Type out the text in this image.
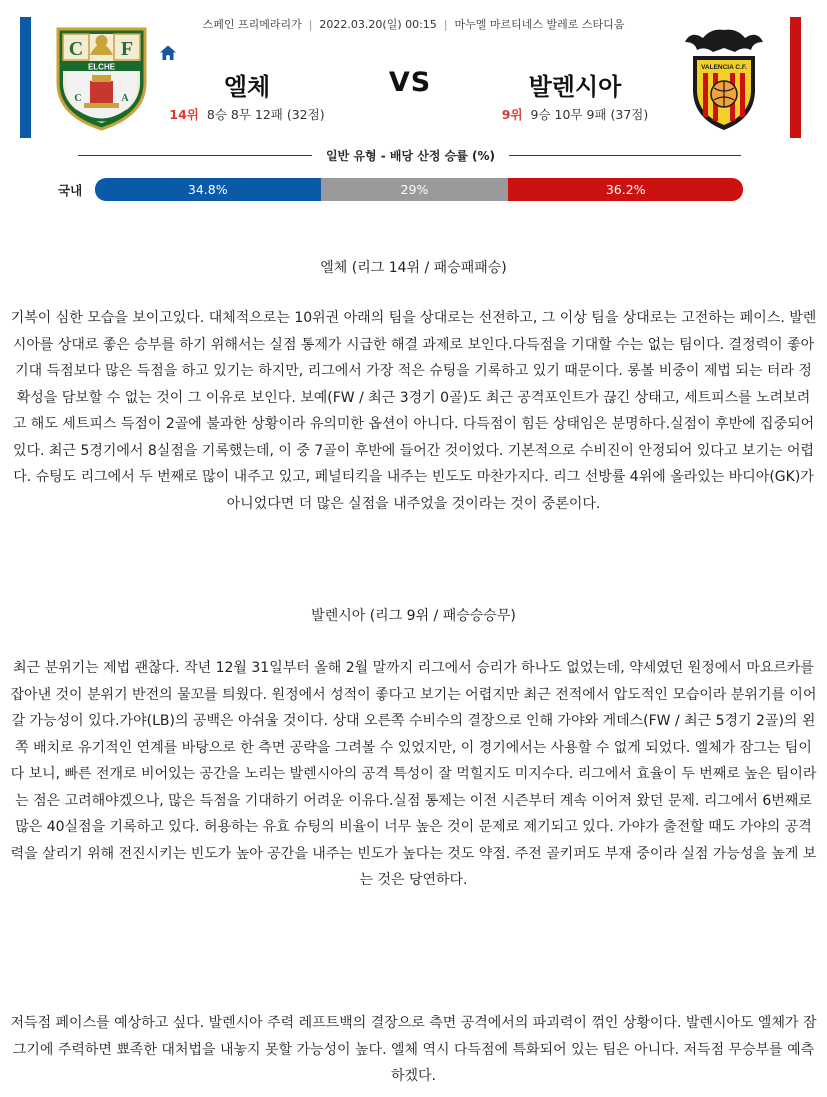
스페인 프리메라리가 | 2022.03.20(일) 00:15 | 마누엘 마르티네스 발레로 스타디움
C F
ELCHE
C	A	엘체	VS	발렌시아
14위 8승 8무 12패 (32점)	9위 9승 10무 9패 (37점)
VALENCIA C.F.
일반 유형 - 배당 산정 승률 (%)
국내	34.8%	29%	36.2%
엘체 (리그 14위 / 패승패패승)

기복이 심한 모습을 보이고있다. 대체적으로는 10위권 아래의 팀을 상대로는 선전하고, 그 이상 팀을 상대로는 고전하는 페이스. 발렌시아를 상대로 좋은 승부를 하기 위해서는 실점 통제가 시급한 해결 과제로 보인다.다득점을 기대할 수는 없는 팀이다. 결정력이 좋아 기대 득점보다 많은 득점을 하고 있기는 하지만, 리그에서 가장 적은 슈팅을 기록하고 있기 때문이다. 롱볼 비중이 제법 되는 터라 정확성을 담보할 수 없는 것이 그 이유로 보인다. 보예(FW / 최근 3경기 0골)도 최근 공격포인트가 끊긴 상태고, 세트피스를 노려보려고 해도 세트피스 득점이 2골에 불과한 상황이라 유의미한 옵션이 아니다. 다득점이 힘든 상태임은 분명하다.실점이 후반에 집중되어 있다. 최근 5경기에서 8실점을 기록했는데, 이 중 7골이 후반에 들어간 것이었다. 기본적으로 수비진이 안정되어 있다고 보기는 어렵다. 슈팅도 리그에서 두 번째로 많이 내주고 있고, 페널티킥을 내주는 빈도도 마찬가지다. 리그 선방률 4위에 올라있는 바디아(GK)가 아니었다면 더 많은 실점을 내주었을 것이라는 것이 중론이다.

발렌시아 (리그 9위 / 패승승승무)

최근 분위기는 제법 괜찮다. 작년 12월 31일부터 올해 2월 말까지 리그에서 승리가 하나도 없었는데, 약세였던 원정에서 마요르카를 잡아낸 것이 분위기 반전의 물꼬를 틔웠다. 원정에서 성적이 좋다고 보기는 어렵지만 최근 전적에서 압도적인 모습이라 분위기를 이어갈 가능성이 있다.가야(LB)의 공백은 아쉬울 것이다. 상대 오른쪽 수비수의 결장으로 인해 가야와 게데스(FW / 최근 5경기 2골)의 왼쪽 배치로 유기적인 연계를 바탕으로 한 측면 공략을 그려볼 수 있었지만, 이 경기에서는 사용할 수 없게 되었다. 엘체가 잠그는 팀이다 보니, 빠른 전개로 비어있는 공간을 노리는 발렌시아의 공격 특성이 잘 먹힐지도 미지수다. 리그에서 효율이 두 번째로 높은 팀이라는 점은 고려해야겠으나, 많은 득점을 기대하기 어려운 이유다.실점 통제는 이전 시즌부터 계속 이어져 왔던 문제. 리그에서 6번째로 많은 40실점을 기록하고 있다. 허용하는 유효 슈팅의 비율이 너무 높은 것이 문제로 제기되고 있다. 가야가 출전할 때도 가야의 공격력을 살리기 위해 전진시키는 빈도가 높아 공간을 내주는 빈도가 높다는 것도 약점. 주전 골키퍼도 부재 중이라 실점 가능성을 높게 보는 것은 당연하다.

저득점 페이스를 예상하고 싶다. 발렌시아 주력 레프트백의 결장으로 측면 공격에서의 파괴력이 꺾인 상황이다. 발렌시아도 엘체가 잠그기에 주력하면 뾰족한 대처법을 내놓지 못할 가능성이 높다. 엘체 역시 다득점에 특화되어 있는 팀은 아니다. 저득점 무승부를 예측하겠다.
